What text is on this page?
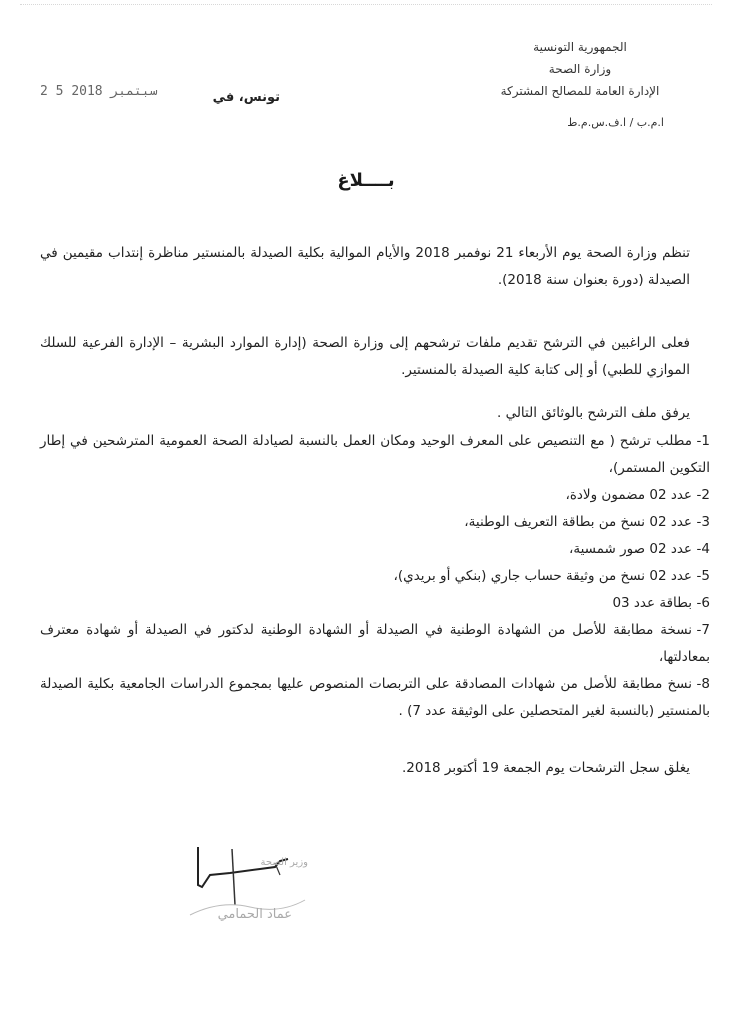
الجمهورية التونسية
وزارة الصحة
الإدارة العامة للمصالح المشتركة
ا.م.ب / ا.ف.س.م.ط
تونس، في
2 5 سبتمبر 2018
بــــلاغ
تنظم وزارة الصحة يوم الأربعاء 21 نوفمبر 2018 والأيام الموالية بكلية الصيدلة بالمنستير مناظرة إنتداب مقيمين في الصيدلة (دورة بعنوان سنة 2018).
فعلى الراغبين في الترشح تقديم ملفات ترشحهم إلى وزارة الصحة (إدارة الموارد البشرية – الإدارة الفرعية للسلك الموازي للطبي) أو إلى كتابة كلية الصيدلة بالمنستير.
يرفق ملف الترشح بالوثائق التالي .
1-مطلب ترشح ( مع التنصيص على المعرف الوحيد ومكان العمل بالنسبة لصيادلة الصحة العمومية المترشحين في إطار التكوين المستمر)،
2-عدد 02 مضمون ولادة،
3-عدد 02 نسخ من بطاقة التعريف الوطنية،
4-عدد 02 صور شمسية،
5-عدد 02 نسخ من وثيقة حساب جاري (بنكي أو بريدي)،
6-بطاقة عدد 03
7-نسخة مطابقة للأصل من الشهادة الوطنية في الصيدلة أو الشهادة الوطنية لدكتور في الصيدلة أو شهادة معترف بمعادلتها،
8-نسخ مطابقة للأصل من شهادات المصادقة على التربصات المنصوص عليها بمجموع الدراسات الجامعية بكلية الصيدلة بالمنستير (بالنسبة لغير المتحصلين على الوثيقة عدد 7) .
يغلق سجل الترشحات يوم الجمعة 19 أكتوبر 2018.
وزير الصحة
عماد الحمامي
